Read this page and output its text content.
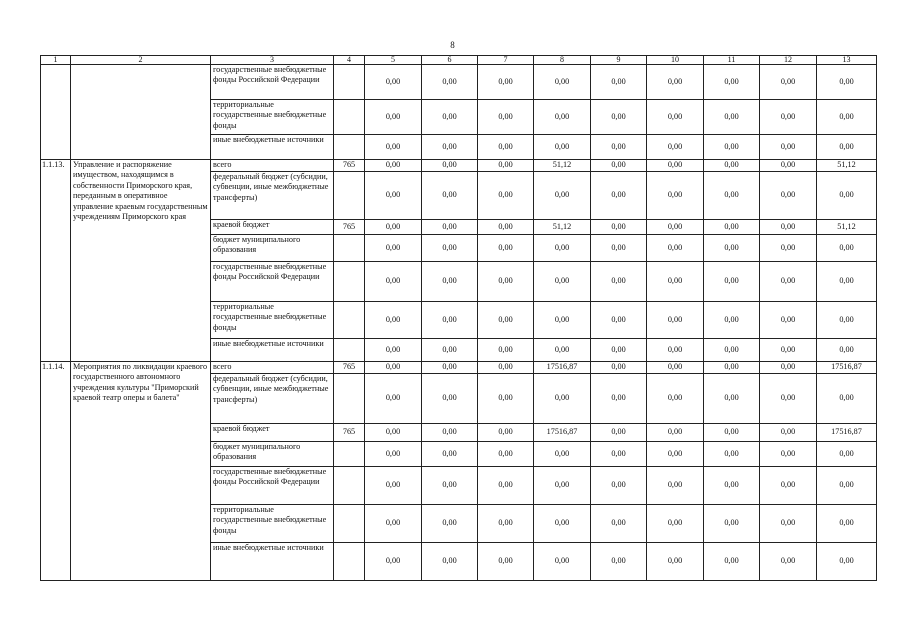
8
1	2	3	4	5	6	7	8	9	10	11	12	13
		государственные внебюджетные фонды Российской Федерации		0,00	0,00	0,00	0,00	0,00	0,00	0,00	0,00	0,00
		территориальные государственные внебюджетные фонды		0,00	0,00	0,00	0,00	0,00	0,00	0,00	0,00	0,00
		иные внебюджетные источники		0,00	0,00	0,00	0,00	0,00	0,00	0,00	0,00	0,00
1.1.13.	Управление и распоряжение имуществом, находящимся в собственности Приморского края, переданным в оперативное управление краевым государственным учреждениям Приморского края	всего	765	0,00	0,00	0,00	51,12	0,00	0,00	0,00	0,00	51,12
		федеральный бюджет (субсидии, субвенции, иные межбюджетные трансферты)		0,00	0,00	0,00	0,00	0,00	0,00	0,00	0,00	0,00
		краевой бюджет	765	0,00	0,00	0,00	51,12	0,00	0,00	0,00	0,00	51,12
		бюджет муниципального образования		0,00	0,00	0,00	0,00	0,00	0,00	0,00	0,00	0,00
		государственные внебюджетные фонды Российской Федерации		0,00	0,00	0,00	0,00	0,00	0,00	0,00	0,00	0,00
		территориальные государственные внебюджетные фонды		0,00	0,00	0,00	0,00	0,00	0,00	0,00	0,00	0,00
		иные внебюджетные источники		0,00	0,00	0,00	0,00	0,00	0,00	0,00	0,00	0,00
1.1.14.	Мероприятия по ликвидации краевого государственного автономного учреждения культуры "Приморский краевой театр оперы и балета"	всего	765	0,00	0,00	0,00	17516,87	0,00	0,00	0,00	0,00	17516,87
		федеральный бюджет (субсидии, субвенции, иные межбюджетные трансферты)		0,00	0,00	0,00	0,00	0,00	0,00	0,00	0,00	0,00
		краевой бюджет	765	0,00	0,00	0,00	17516,87	0,00	0,00	0,00	0,00	17516,87
		бюджет муниципального образования		0,00	0,00	0,00	0,00	0,00	0,00	0,00	0,00	0,00
		государственные внебюджетные фонды Российской Федерации		0,00	0,00	0,00	0,00	0,00	0,00	0,00	0,00	0,00
		территориальные государственные внебюджетные фонды		0,00	0,00	0,00	0,00	0,00	0,00	0,00	0,00	0,00
		иные внебюджетные источники		0,00	0,00	0,00	0,00	0,00	0,00	0,00	0,00	0,00
